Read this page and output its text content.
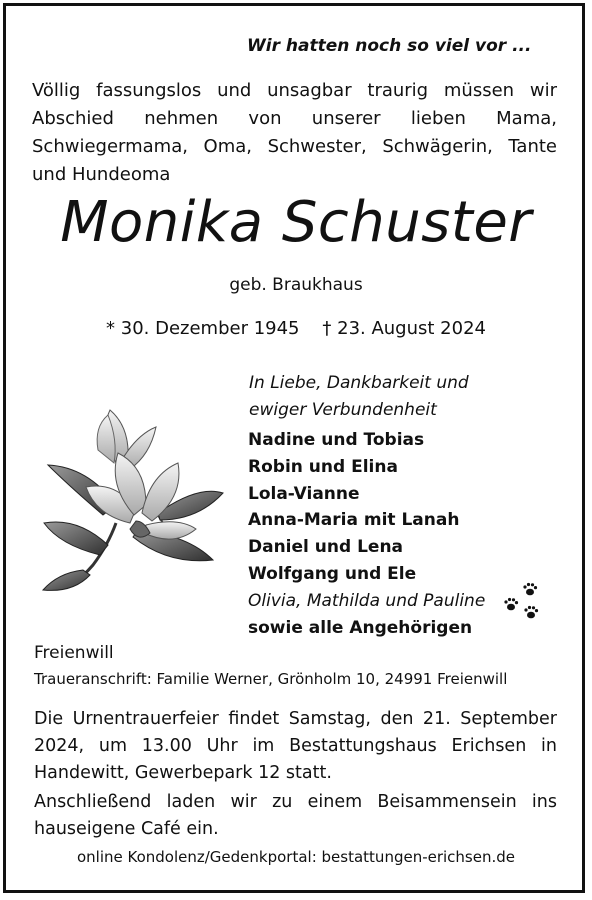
Wir hatten noch so viel vor ...

Völlig fassungslos und unsagbar traurig müssen wir Abschied nehmen von unserer lieben Mama, Schwiegermama, Oma, Schwester, Schwägerin, Tante und Hundeoma

Monika Schuster

geb. Braukhaus

* 30. Dezember 1945    † 23. August 2024

In Liebe, Dankbarkeit und
ewiger Verbundenheit
Nadine und Tobias
Robin und Elina
Lola-Vianne
Anna-Maria mit Lanah
Daniel und Lena
Wolfgang und Ele
Olivia, Mathilda und Pauline
sowie alle Angehörigen

Freienwill

Traueranschrift: Familie Werner, Grönholm 10, 24991 Freienwill

Die Urnentrauerfeier findet Samstag, den 21. September 2024, um 13.00 Uhr im Bestattungshaus Erichsen in Handewitt, Gewerbepark 12 statt.

Anschließend laden wir zu einem Beisammensein ins hauseigene Café ein.

online Kondolenz/Gedenkportal: bestattungen-erichsen.de
